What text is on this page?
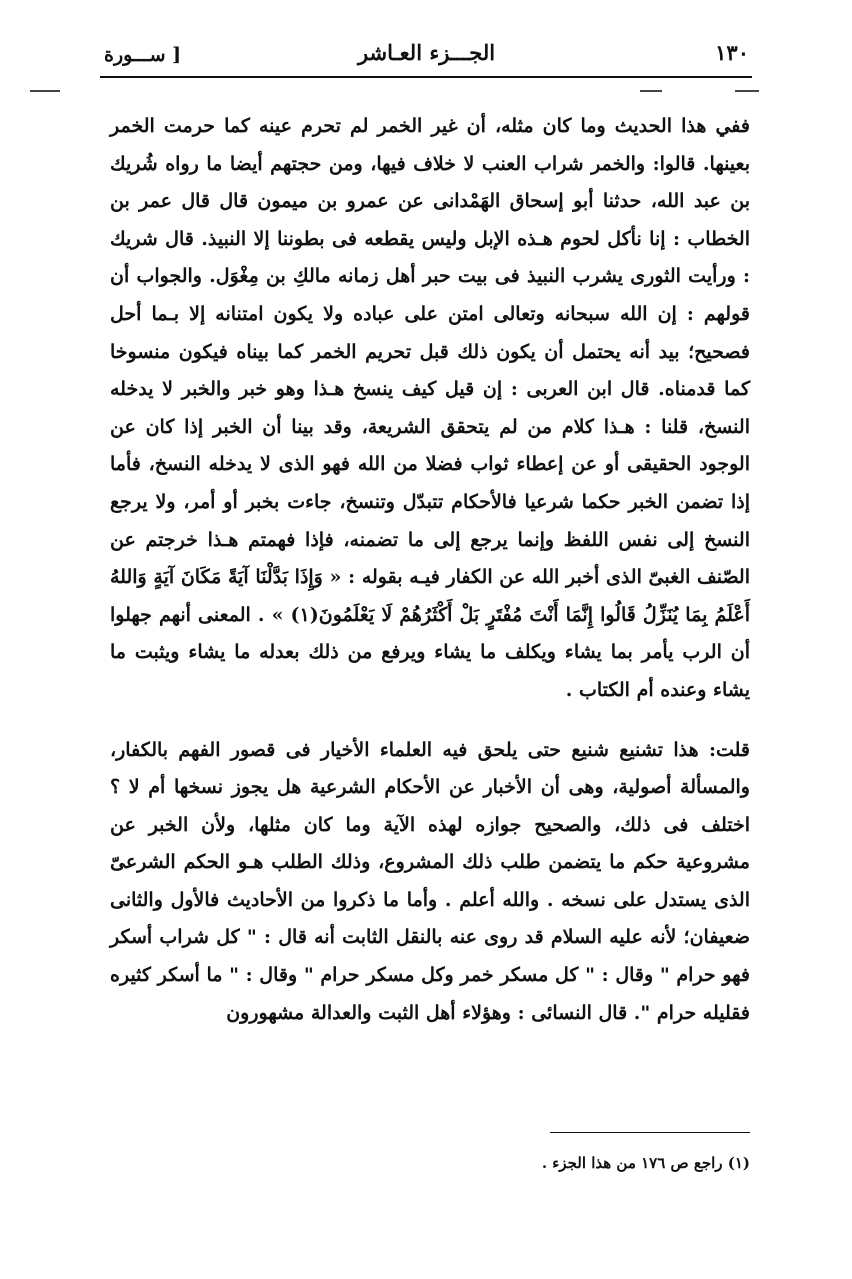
١٣٠
الجـــزء العـاشر
[ ســـورة

ففي هذا الحديث وما كان مثله، أن غير الخمر لم تحرم عينه كما حرمت الخمر بعينها. قالوا: والخمر شراب العنب لا خلاف فيها، ومن حجتهم أيضا ما رواه شُريك بن عبد الله، حدثنا أبو إسحاق الهَمْدانى عن عمرو بن ميمون قال قال عمر بن الخطاب : إنا نأكل لحوم هـذه الإبل وليس يقطعه فى بطوننا إلا النبيذ. قال شريك : ورأيت الثورى يشرب النبيذ فى بيت حبر أهل زمانه مالكِ بن مِغْوَل. والجواب أن قولهم : إن الله سبحانه وتعالى امتن على عباده ولا يكون امتنانه إلا بـما أحل فصحيح؛ بيد أنه يحتمل أن يكون ذلك قبل تحريم الخمر كما بيناه فيكون منسوخا كما قدمناه. قال ابن العربى : إن قيل كيف ينسخ هـذا وهو خبر والخبر لا يدخله النسخ، قلنا : هـذا كلام من لم يتحقق الشريعة، وقد بينا أن الخبر إذا كان عن الوجود الحقيقى أو عن إعطاء ثواب فضلا من الله فهو الذى لا يدخله النسخ، فأما إذا تضمن الخبر حكما شرعيا فالأحكام تتبدّل وتنسخ، جاءت بخبر أو أمر، ولا يرجع النسخ إلى نفس اللفظ وإنما يرجع إلى ما تضمنه، فإذا فهمتم هـذا خرجتم عن الصّنف الغبىّ الذى أخبر الله عن الكفار فيـه بقوله : « وَإِذَا بَدَّلْنَا آيَةً مَكَانَ آيَةٍ وَاللهُ أَعْلَمُ بِمَا يُنَزِّلُ قَالُوا إِنَّمَا أَنْتَ مُفْتَرٍ بَلْ أَكْثَرُهُمْ لَا يَعْلَمُونَ(١) » . المعنى أنهم جهلوا أن الرب يأمر بما يشاء ويكلف ما يشاء ويرفع من ذلك بعدله ما يشاء ويثبت ما يشاء وعنده أم الكتاب .

قلت: هذا تشنيع شنيع حتى يلحق فيه العلماء الأخيار فى قصور الفهم بالكفار، والمسألة أصولية، وهى أن الأخبار عن الأحكام الشرعية هل يجوز نسخها أم لا ؟ اختلف فى ذلك، والصحيح جوازه لهذه الآية وما كان مثلها، ولأن الخبر عن مشروعية حكم ما يتضمن طلب ذلك المشروع، وذلك الطلب هـو الحكم الشرعىّ الذى يستدل على نسخه . والله أعلم . وأما ما ذكروا من الأحاديث فالأول والثانى ضعيفان؛ لأنه عليه السلام قد روى عنه بالنقل الثابت أنه قال : " كل شراب أسكر فهو حرام " وقال : " كل مسكر خمر وكل مسكر حرام " وقال : " ما أسكر كثيره فقليله حرام ". قال النسائى : وهؤلاء أهل الثبت والعدالة مشهورون

(١) راجع ص ١٧٦ من هذا الجزء .
